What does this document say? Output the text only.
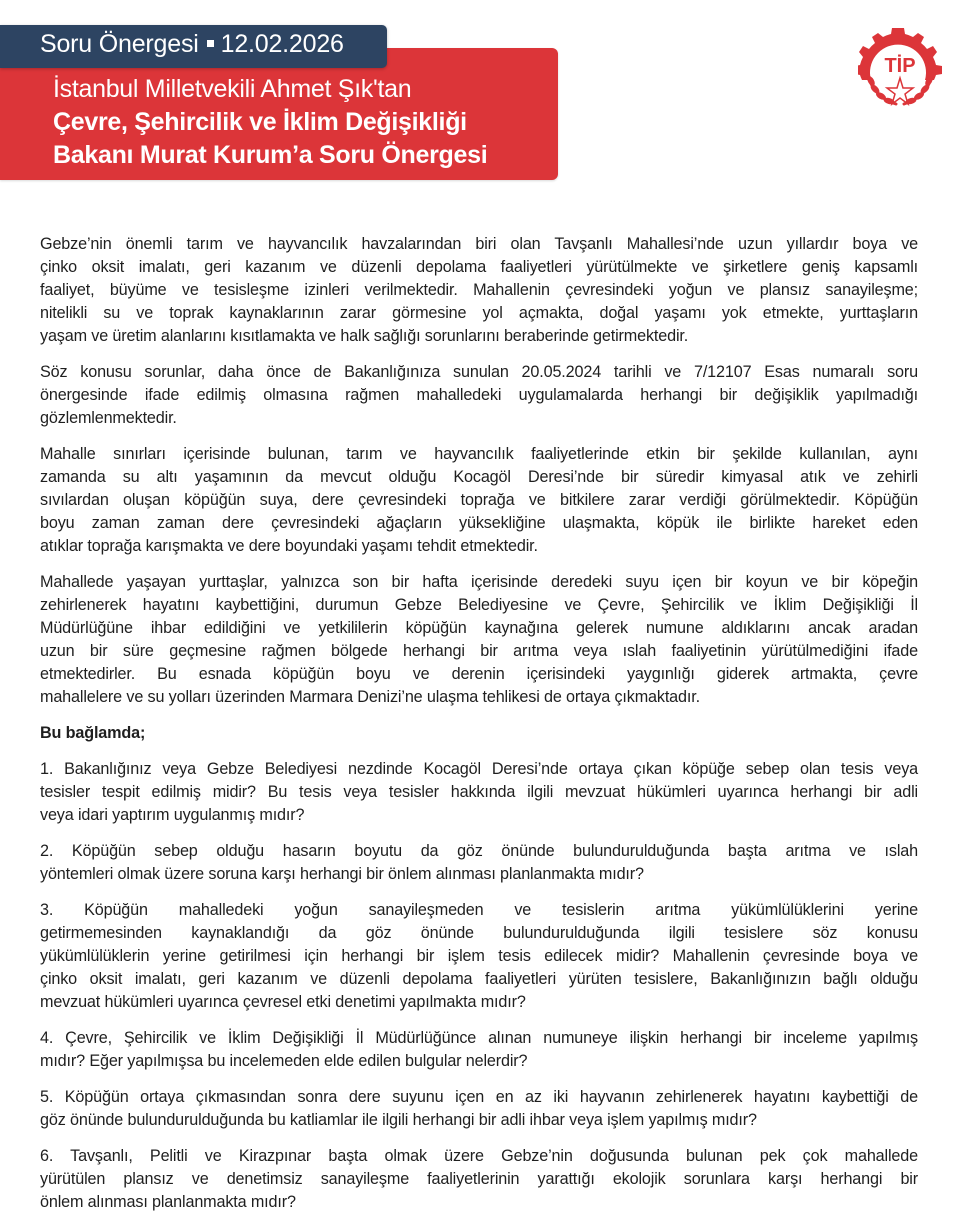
Soru Önergesi 12.02.2026
İstanbul Milletvekili Ahmet Şık'tan
Çevre, Şehircilik ve İklim Değişikliği
Bakanı Murat Kurum’a Soru Önergesi
TİP
Gebze’nin önemli tarım ve hayvancılık havzalarından biri olan Tavşanlı Mahallesi’nde uzun yıllardır boya ve
çinko oksit imalatı, geri kazanım ve düzenli depolama faaliyetleri yürütülmekte ve şirketlere geniş kapsamlı
faaliyet, büyüme ve tesisleşme izinleri verilmektedir. Mahallenin çevresindeki yoğun ve plansız sanayileşme;
nitelikli su ve toprak kaynaklarının zarar görmesine yol açmakta, doğal yaşamı yok etmekte, yurttaşların
yaşam ve üretim alanlarını kısıtlamakta ve halk sağlığı sorunlarını beraberinde getirmektedir.
Söz konusu sorunlar, daha önce de Bakanlığınıza sunulan 20.05.2024 tarihli ve 7/12107 Esas numaralı soru
önergesinde ifade edilmiş olmasına rağmen mahalledeki uygulamalarda herhangi bir değişiklik yapılmadığı
gözlemlenmektedir.
Mahalle sınırları içerisinde bulunan, tarım ve hayvancılık faaliyetlerinde etkin bir şekilde kullanılan, aynı
zamanda su altı yaşamının da mevcut olduğu Kocagöl Deresi’nde bir süredir kimyasal atık ve zehirli
sıvılardan oluşan köpüğün suya, dere çevresindeki toprağa ve bitkilere zarar verdiği görülmektedir. Köpüğün
boyu zaman zaman dere çevresindeki ağaçların yüksekliğine ulaşmakta, köpük ile birlikte hareket eden
atıklar toprağa karışmakta ve dere boyundaki yaşamı tehdit etmektedir.
Mahallede yaşayan yurttaşlar, yalnızca son bir hafta içerisinde deredeki suyu içen bir koyun ve bir köpeğin
zehirlenerek hayatını kaybettiğini, durumun Gebze Belediyesine ve Çevre, Şehircilik ve İklim Değişikliği İl
Müdürlüğüne ihbar edildiğini ve yetkililerin köpüğün kaynağına gelerek numune aldıklarını ancak aradan
uzun bir süre geçmesine rağmen bölgede herhangi bir arıtma veya ıslah faaliyetinin yürütülmediğini ifade
etmektedirler. Bu esnada köpüğün boyu ve derenin içerisindeki yaygınlığı giderek artmakta, çevre
mahallelere ve su yolları üzerinden Marmara Denizi’ne ulaşma tehlikesi de ortaya çıkmaktadır.
Bu bağlamda;
1. Bakanlığınız veya Gebze Belediyesi nezdinde Kocagöl Deresi’nde ortaya çıkan köpüğe sebep olan tesis veya
tesisler tespit edilmiş midir? Bu tesis veya tesisler hakkında ilgili mevzuat hükümleri uyarınca herhangi bir adli
veya idari yaptırım uygulanmış mıdır?
2. Köpüğün sebep olduğu hasarın boyutu da göz önünde bulundurulduğunda başta arıtma ve ıslah
yöntemleri olmak üzere soruna karşı herhangi bir önlem alınması planlanmakta mıdır?
3. Köpüğün mahalledeki yoğun sanayileşmeden ve tesislerin arıtma yükümlülüklerini yerine
getirmemesinden kaynaklandığı da göz önünde bulundurulduğunda ilgili tesislere söz konusu
yükümlülüklerin yerine getirilmesi için herhangi bir işlem tesis edilecek midir? Mahallenin çevresinde boya ve
çinko oksit imalatı, geri kazanım ve düzenli depolama faaliyetleri yürüten tesislere, Bakanlığınızın bağlı olduğu
mevzuat hükümleri uyarınca çevresel etki denetimi yapılmakta mıdır?
4. Çevre, Şehircilik ve İklim Değişikliği İl Müdürlüğünce alınan numuneye ilişkin herhangi bir inceleme yapılmış
mıdır? Eğer yapılmışsa bu incelemeden elde edilen bulgular nelerdir?
5. Köpüğün ortaya çıkmasından sonra dere suyunu içen en az iki hayvanın zehirlenerek hayatını kaybettiği de
göz önünde bulundurulduğunda bu katliamlar ile ilgili herhangi bir adli ihbar veya işlem yapılmış mıdır?
6. Tavşanlı, Pelitli ve Kirazpınar başta olmak üzere Gebze’nin doğusunda bulunan pek çok mahallede
yürütülen plansız ve denetimsiz sanayileşme faaliyetlerinin yarattığı ekolojik sorunlara karşı herhangi bir
önlem alınması planlanmakta mıdır?
